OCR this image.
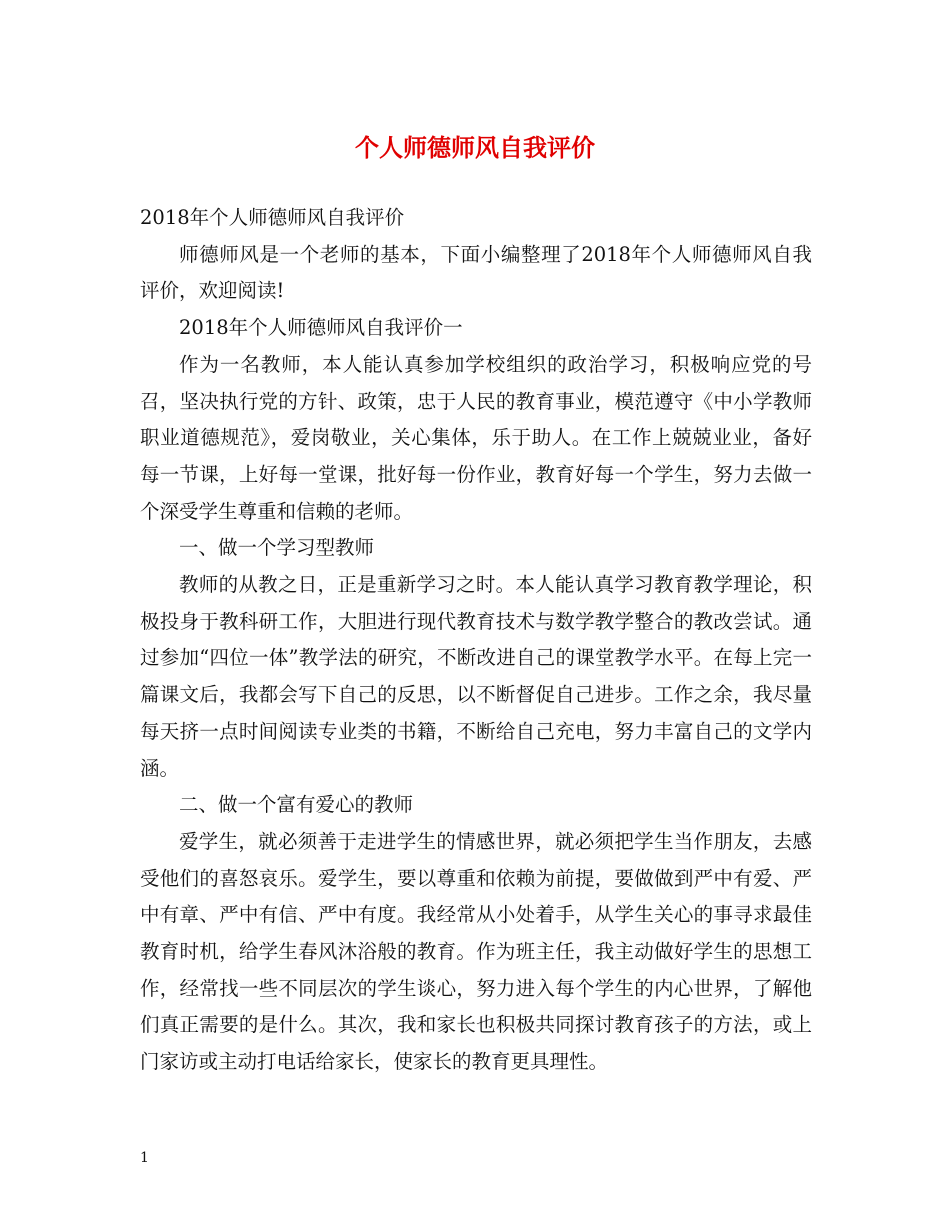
个人师德师风自我评价

2018年个人师德师风自我评价

师德师风是一个老师的基本，下面小编整理了2018年个人师德师风自我评价，欢迎阅读!

2018年个人师德师风自我评价一

作为一名教师，本人能认真参加学校组织的政治学习，积极响应党的号召，坚决执行党的方针、政策，忠于人民的教育事业，模范遵守《中小学教师职业道德规范》，爱岗敬业，关心集体，乐于助人。在工作上兢兢业业，备好每一节课，上好每一堂课，批好每一份作业，教育好每一个学生，努力去做一个深受学生尊重和信赖的老师。

一、做一个学习型教师

教师的从教之日，正是重新学习之时。本人能认真学习教育教学理论，积极投身于教科研工作，大胆进行现代教育技术与数学教学整合的教改尝试。通过参加“四位一体”教学法的研究，不断改进自己的课堂教学水平。在每上完一篇课文后，我都会写下自己的反思，以不断督促自己进步。工作之余，我尽量每天挤一点时间阅读专业类的书籍，不断给自己充电，努力丰富自己的文学内涵。

二、做一个富有爱心的教师

爱学生，就必须善于走进学生的情感世界，就必须把学生当作朋友，去感受他们的喜怒哀乐。爱学生，要以尊重和依赖为前提，要做做到严中有爱、严中有章、严中有信、严中有度。我经常从小处着手，从学生关心的事寻求最佳教育时机，给学生春风沐浴般的教育。作为班主任，我主动做好学生的思想工作，经常找一些不同层次的学生谈心，努力进入每个学生的内心世界，了解他们真正需要的是什么。其次，我和家长也积极共同探讨教育孩子的方法，或上门家访或主动打电话给家长，使家长的教育更具理性。

1
